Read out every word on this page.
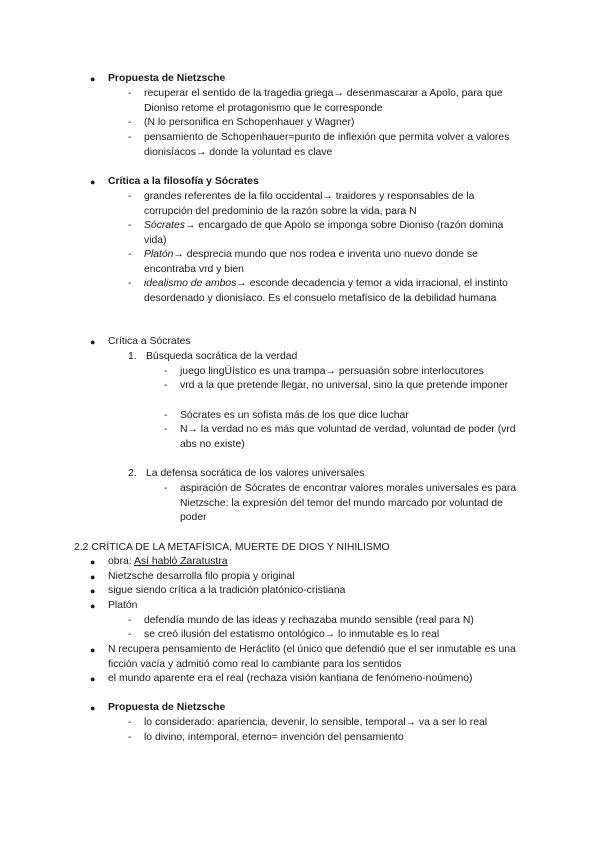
●	Propuesta de Nietzsche
-	recuperar el sentido de la tragedia griega→ desenmascarar a Apolo, para que Dioniso retome el protagonismo que le corresponde
-	(N lo personifica en Schopenhauer y Wagner)
-	pensamiento de Schopenhauer=punto de inflexión que permita volver a valores dionisíacos→ donde la voluntad es clave
●	Crítica a la filosofía y Sócrates
-	grandes referentes de la filo occidental→ traidores y responsables de la corrupción del predominio de la razón sobre la vida, para N
-	Sócrates→ encargado de que Apolo se imponga sobre Dioniso (razón domina vida)
-	Platón→ desprecia mundo que nos rodea e inventa uno nuevo donde se encontraba vrd y bien
-	idealismo de ambos→ esconde decadencia y temor a vida irracional, el instinto desordenado y dionisíaco. Es el consuelo metafísico de la debilidad humana
●	Crítica a Sócrates
1. Búsqueda socrática de la verdad
-	juego lingÜístico es una trampa→ persuasión sobre interlocutores
-	vrd a la que pretende llegar, no universal, sino la que pretende imponer
-	Sócrates es un sofista más de los que dice luchar
-	N→ la verdad no es más que voluntad de verdad, voluntad de poder (vrd abs no existe)
2. La defensa socrática de los valores universales
-	aspiración de Sócrates de encontrar valores morales universales es para Nietzsche: la expresión del temor del mundo marcado por voluntad de poder
2.2 CRÍTICA DE LA METAFÍSICA, MUERTE DE DIOS Y NIHILISMO
●	obra: Así habló Zaratustra
●	Nietzsche desarrolla filo propia y original
●	sigue siendo crítica a la tradición platónico-cristiana
●	Platón
-	defendía mundo de las ideas y rechazaba mundo sensible (real para N)
-	se creó ilusión del estatismo ontológico→ lo inmutable es lo real
●	N recupera pensamiento de Heráclito (el único que defendió que el ser inmutable es una ficción vacía y admitió como real lo cambiante para los sentidos
●	el mundo aparente era el real (rechaza visión kantiana de fenómeno-noúmeno)
●	Propuesta de Nietzsche
-	lo considerado: apariencia, devenir, lo sensible, temporal→ va a ser lo real
-	lo divino, intemporal, eterno= invención del pensamiento
